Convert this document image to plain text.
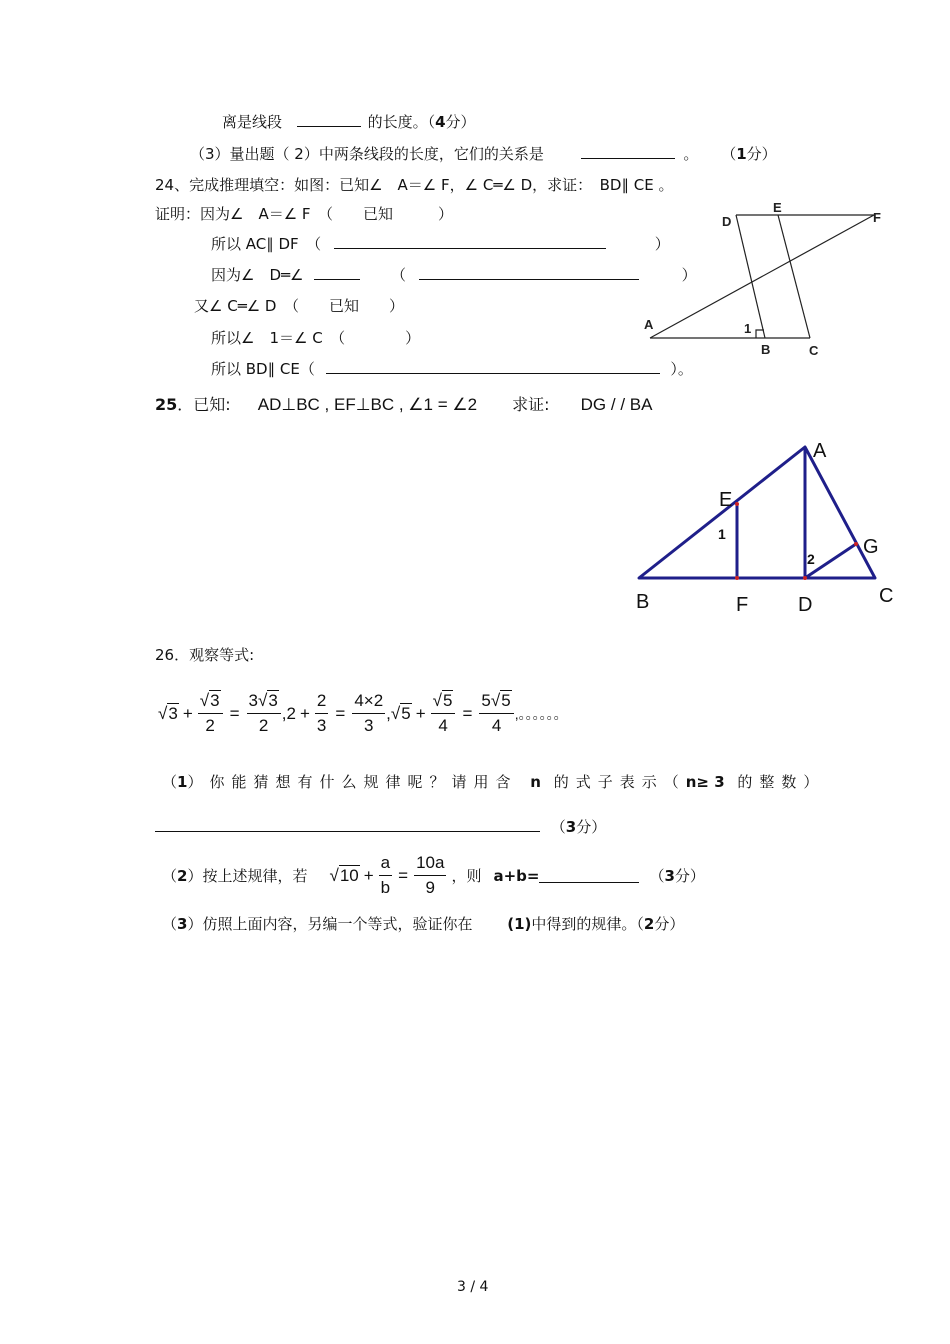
离是线段	的长度。（4分）
（3）量出题（ 2）中两条线段的长度，它们的关系是	。 （1分）
24、完成推理填空：如图：已知∠　A＝∠ F，∠ C═∠ D，求证：　BD∥ CE 。
证明：因为∠　A＝∠ F　（　　已知　　　）
所以 AC∥ DF　（	）
因为∠　D═∠	（	）
又∠ C═∠ D　（　　已知　　）
所以∠　1＝∠ C　（　　　　）
所以 BD∥ CE（	）。
D
E
F
A
B	C
1
25．已知: AD⊥BC , EF⊥BC , ∠1 = ∠2 求证: DG / / BA
A
E
G
B	F D	C
1
2
26．观察等式:
$√3 + \frac{√3}{2} = \frac{3√3}{2}$ , $2 + \frac{2}{3} = \frac{4\times 2}{3}$ , $√5 + \frac{√5}{4} = \frac{5√5}{4}$ ,。。。。。。
（1）你能猜想有什么规律呢？请用含 n 的式子表示（n≥ 3 的整数）
（3分）
（ 2 ）按上述规律，若 $√10 + \frac{a}{b} = \frac{10a}{9}$ ，则 a+b=	（ 3 分）
（3）仿照上面内容，另编一个等式，验证你在 (1)中得到的规律。（2分）
3 / 4
